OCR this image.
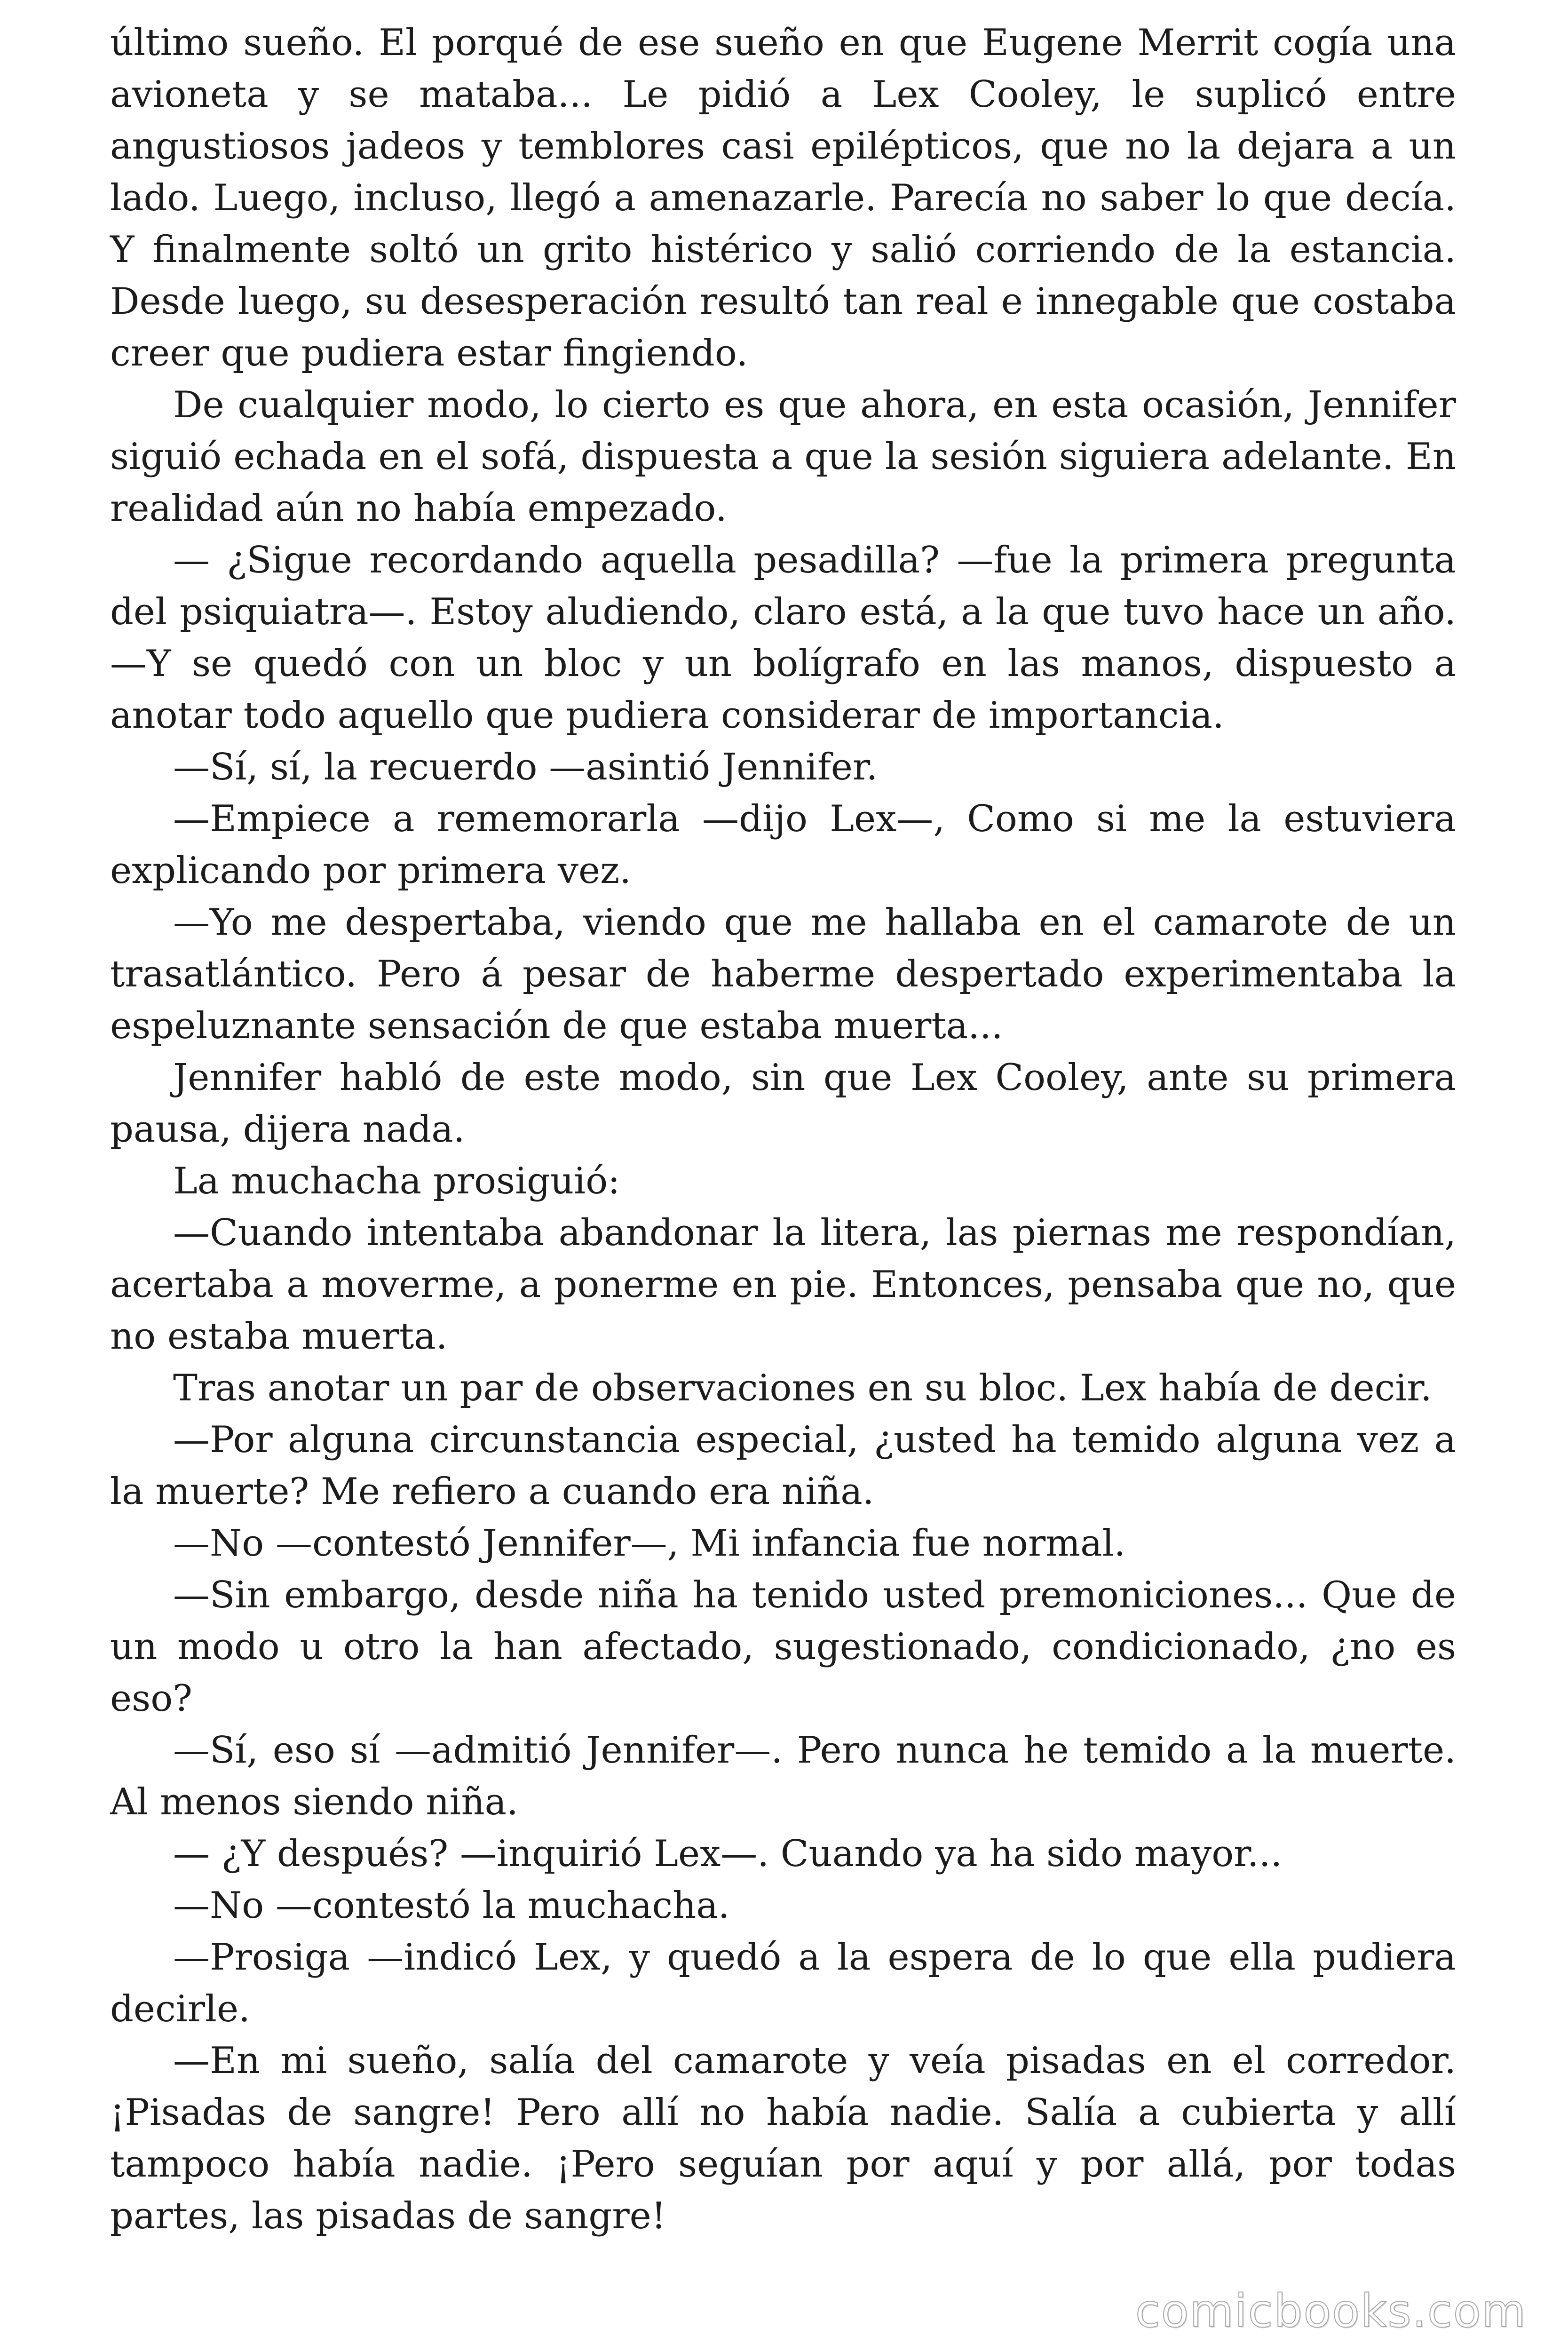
último sueño. El porqué de ese sueño en que Eugene Merrit cogía una avioneta y se mataba... Le pidió a Lex Cooley, le suplicó entre angustiosos jadeos y temblores casi epilépticos, que no la dejara a un lado. Luego, incluso, llegó a amenazarle. Parecía no saber lo que decía. Y finalmente soltó un grito histérico y salió corriendo de la estancia. Desde luego, su desesperación resultó tan real e innegable que costaba creer que pudiera estar fingiendo.

De cualquier modo, lo cierto es que ahora, en esta ocasión, Jennifer siguió echada en el sofá, dispuesta a que la sesión siguiera adelante. En realidad aún no había empezado.

— ¿Sigue recordando aquella pesadilla? —fue la primera pregunta del psiquiatra—. Estoy aludiendo, claro está, a la que tuvo hace un año. —Y se quedó con un bloc y un bolígrafo en las manos, dispuesto a anotar todo aquello que pudiera considerar de importancia.

—Sí, sí, la recuerdo —asintió Jennifer.

—Empiece a rememorarla —dijo Lex—, Como si me la estuviera explicando por primera vez.

—Yo me despertaba, viendo que me hallaba en el camarote de un trasatlántico. Pero á pesar de haberme despertado experimentaba la espeluznante sensación de que estaba muerta...

Jennifer habló de este modo, sin que Lex Cooley, ante su primera pausa, dijera nada.

La muchacha prosiguió:

—Cuando intentaba abandonar la litera, las piernas me respondían, acertaba a moverme, a ponerme en pie. Entonces, pensaba que no, que no estaba muerta.

Tras anotar un par de observaciones en su bloc. Lex había de decir.

—Por alguna circunstancia especial, ¿usted ha temido alguna vez a la muerte? Me refiero a cuando era niña.

—No —contestó Jennifer—, Mi infancia fue normal.

—Sin embargo, desde niña ha tenido usted premoniciones... Que de un modo u otro la han afectado, sugestionado, condicionado, ¿no es eso?

—Sí, eso sí —admitió Jennifer—. Pero nunca he temido a la muerte. Al menos siendo niña.

— ¿Y después? —inquirió Lex—. Cuando ya ha sido mayor...

—No —contestó la muchacha.

—Prosiga —indicó Lex, y quedó a la espera de lo que ella pudiera decirle.

—En mi sueño, salía del camarote y veía pisadas en el corredor. ¡Pisadas de sangre! Pero allí no había nadie. Salía a cubierta y allí tampoco había nadie. ¡Pero seguían por aquí y por allá, por todas partes, las pisadas de sangre!

comicbooks.com
